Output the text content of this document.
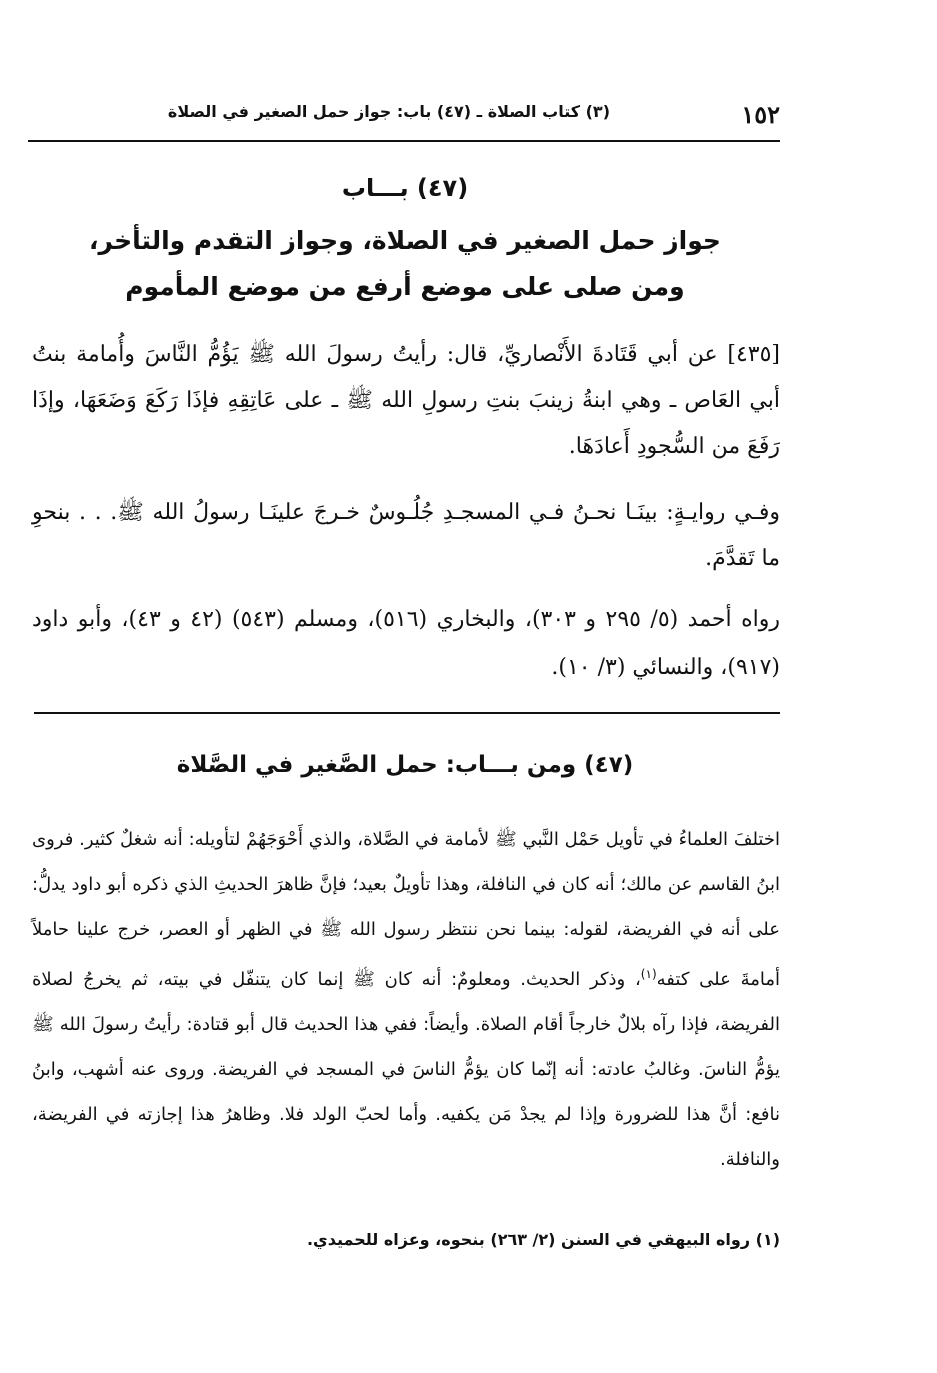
١٥٢
(٣) كتاب الصلاة ـ (٤٧) باب: جواز حمل الصغير في الصلاة
(٤٧) بـــاب
جواز حمل الصغير في الصلاة، وجواز التقدم والتأخر،
ومن صلى على موضع أرفع من موضع المأموم
[٤٣٥] عن أبي قَتَادةَ الأَنْصاريِّ، قال: رأيتُ رسولَ الله ﷺ يَؤُمُّ النَّاسَ وأُمامة بنتُ أبي العَاص ـ وهي ابنةُ زينبَ بنتِ رسولِ الله ﷺ ـ على عَاتِقِهِ فإذَا رَكَعَ وَضَعَهَا، وإذَا رَفَعَ من السُّجودِ أَعادَهَا.
وفـي روايـةٍ: بينَـا نحـنُ فـي المسجـدِ جُلُـوسٌ خـرجَ علينَـا رسولُ الله ﷺ. . . بنحوِ ما تَقدَّمَ.
رواه أحمد (٥/ ٢٩٥ و ٣٠٣)، والبخاري (٥١٦)، ومسلم (٥٤٣) (٤٢ و ٤٣)، وأبو داود (٩١٧)، والنسائي (٣/ ١٠).
(٤٧) ومن بـــاب: حمل الصَّغير في الصَّلاة
اختلفَ العلماءُ في تأويل حَمْل النَّبي ﷺ لأمامة في الصَّلاة، والذي أَحْوَجَهُمْ لتأويله: أنه شغلٌ كثير. فروى ابنُ القاسم عن مالك؛ أنه كان في النافلة، وهذا تأويلٌ بعيد؛ فإنَّ ظاهرَ الحديثِ الذي ذكره أبو داود يدلُّ: على أنه في الفريضة، لقوله: بينما نحن ننتظر رسول الله ﷺ في الظهر أو العصر، خرج علينا حاملاً أمامةَ على كتفه$^{(١)}$، وذكر الحديث. ومعلومٌ: أنه كان ﷺ إنما كان يتنفّل في بيته، ثم يخرجُ لصلاة الفريضة، فإذا رآه بلالٌ خارجاً أقام الصلاة. وأيضاً: ففي هذا الحديث قال أبو قتادة: رأيتُ رسولَ الله ﷺ يؤمُّ الناسَ. وغالبُ عادته: أنه إنّما كان يؤمُّ الناسَ في المسجد في الفريضة. وروى عنه أشهب، وابنُ نافع: أنَّ هذا للضرورة وإذا لم يجدْ مَن يكفيه. وأما لحبّ الولد فلا. وظاهرُ هذا إجازته في الفريضة، والنافلة.
(١) رواه البيهقي في السنن (٢/ ٢٦٣) بنحوه، وعزاه للحميدي.
